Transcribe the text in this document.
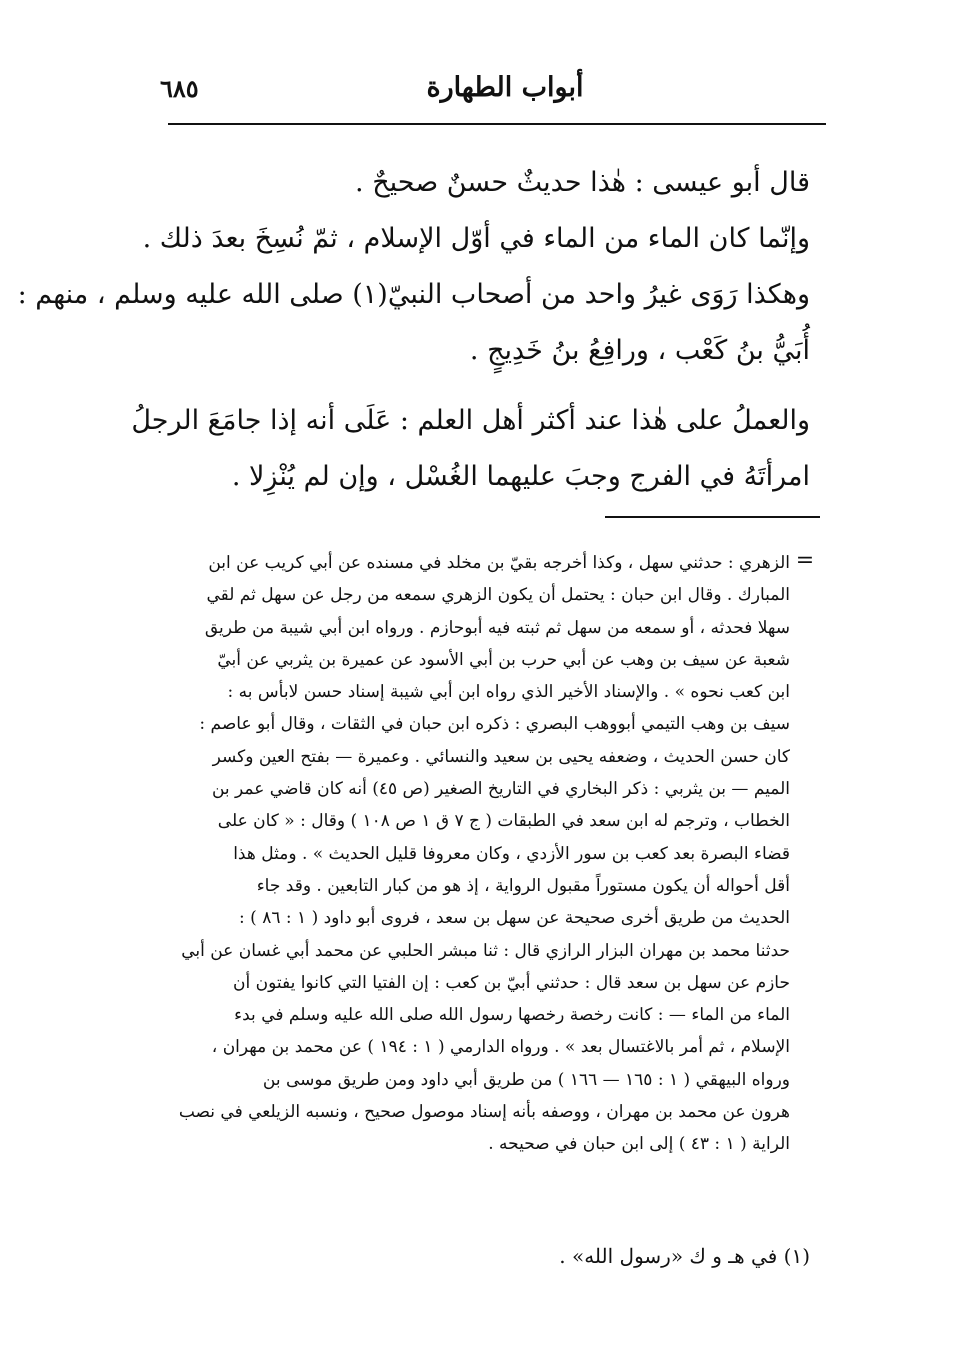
أبواب الطهارة
٦٨٥

قال أبو عيسى : هٰذا حديثٌ حسنٌ صحيحٌ .

وإنّما كان الماء من الماء في أوّل الإسلام ، ثمّ نُسِخَ بعدَ ذلك .

وهكذا رَوَى غيرُ واحد من أصحاب النبيّ(١) صلى الله عليه وسلم ، منهم :

أُبَيُّ بنُ كَعْب ، ورافِعُ بنُ خَدِيجٍ .

والعملُ على هٰذا عند أكثر أهل العلم : عَلَى أنه إذا جامَعَ الرجلُ

امرأتَهُ في الفرج وجبَ عليهما الغُسْل ، وإن لم يُنْزِلا .

=

الزهري : حدثني سهل ، وكذا أخرجه بقيّ بن مخلد في مسنده عن أبي كريب عن ابن

المبارك . وقال ابن حبان : يحتمل أن يكون الزهري سمعه من رجل عن سهل ثم لقي

سهلا فحدثه ، أو سمعه من سهل ثم ثبته فيه أبوحازم . ورواه ابن أبي شيبة من طريق

شعبة عن سيف بن وهب عن أبي حرب بن أبي الأسود عن عميرة بن يثربي عن أبيّ

ابن كعب نحوه » . والإسناد الأخير الذي رواه ابن أبي شيبة إسناد حسن لابأس به :

سيف بن وهب التيمي أبووهب البصري : ذكره ابن حبان في الثقات ، وقال أبو عاصم :

كان حسن الحديث ، وضعفه يحيى بن سعيد والنسائي . وعميرة — بفتح العين وكسر

الميم — بن يثربي : ذكر البخاري في التاريخ الصغير (ص ٤٥) أنه كان قاضي عمر بن

الخطاب ، وترجم له ابن سعد في الطبقات ( ج ٧ ق ١ ص ١٠٨ ) وقال : « كان على

قضاء البصرة بعد كعب بن سور الأزدي ، وكان معروفا قليل الحديث » . ومثل هذا

أقل أحواله أن يكون مستوراً مقبول الرواية ، إذ هو من كبار التابعين . وقد جاء

الحديث من طريق أخرى صحيحة عن سهل بن سعد ، فروى أبو داود ( ١ : ٨٦ ) :

حدثنا محمد بن مهران البزار الرازي قال : ثنا مبشر الحلبي عن محمد أبي غسان عن أبي

حازم عن سهل بن سعد قال : حدثني أبيّ بن كعب : إن الفتيا التي كانوا يفتون أن

الماء من الماء — : كانت رخصة رخصها رسول الله صلى الله عليه وسلم في بدء

الإسلام ، ثم أمر بالاغتسال بعد » . ورواه الدارمي ( ١ : ١٩٤ ) عن محمد بن مهران ،

ورواه البيهقي ( ١ : ١٦٥ — ١٦٦ ) من طريق أبي داود ومن طريق موسى بن

هرون عن محمد بن مهران ، ووصفه بأنه إسناد موصول صحيح ، ونسبه الزيلعي في نصب

الراية ( ١ : ٤٣ ) إلى ابن حبان في صحيحه .

(١) في هـ و ك «رسول الله» .
